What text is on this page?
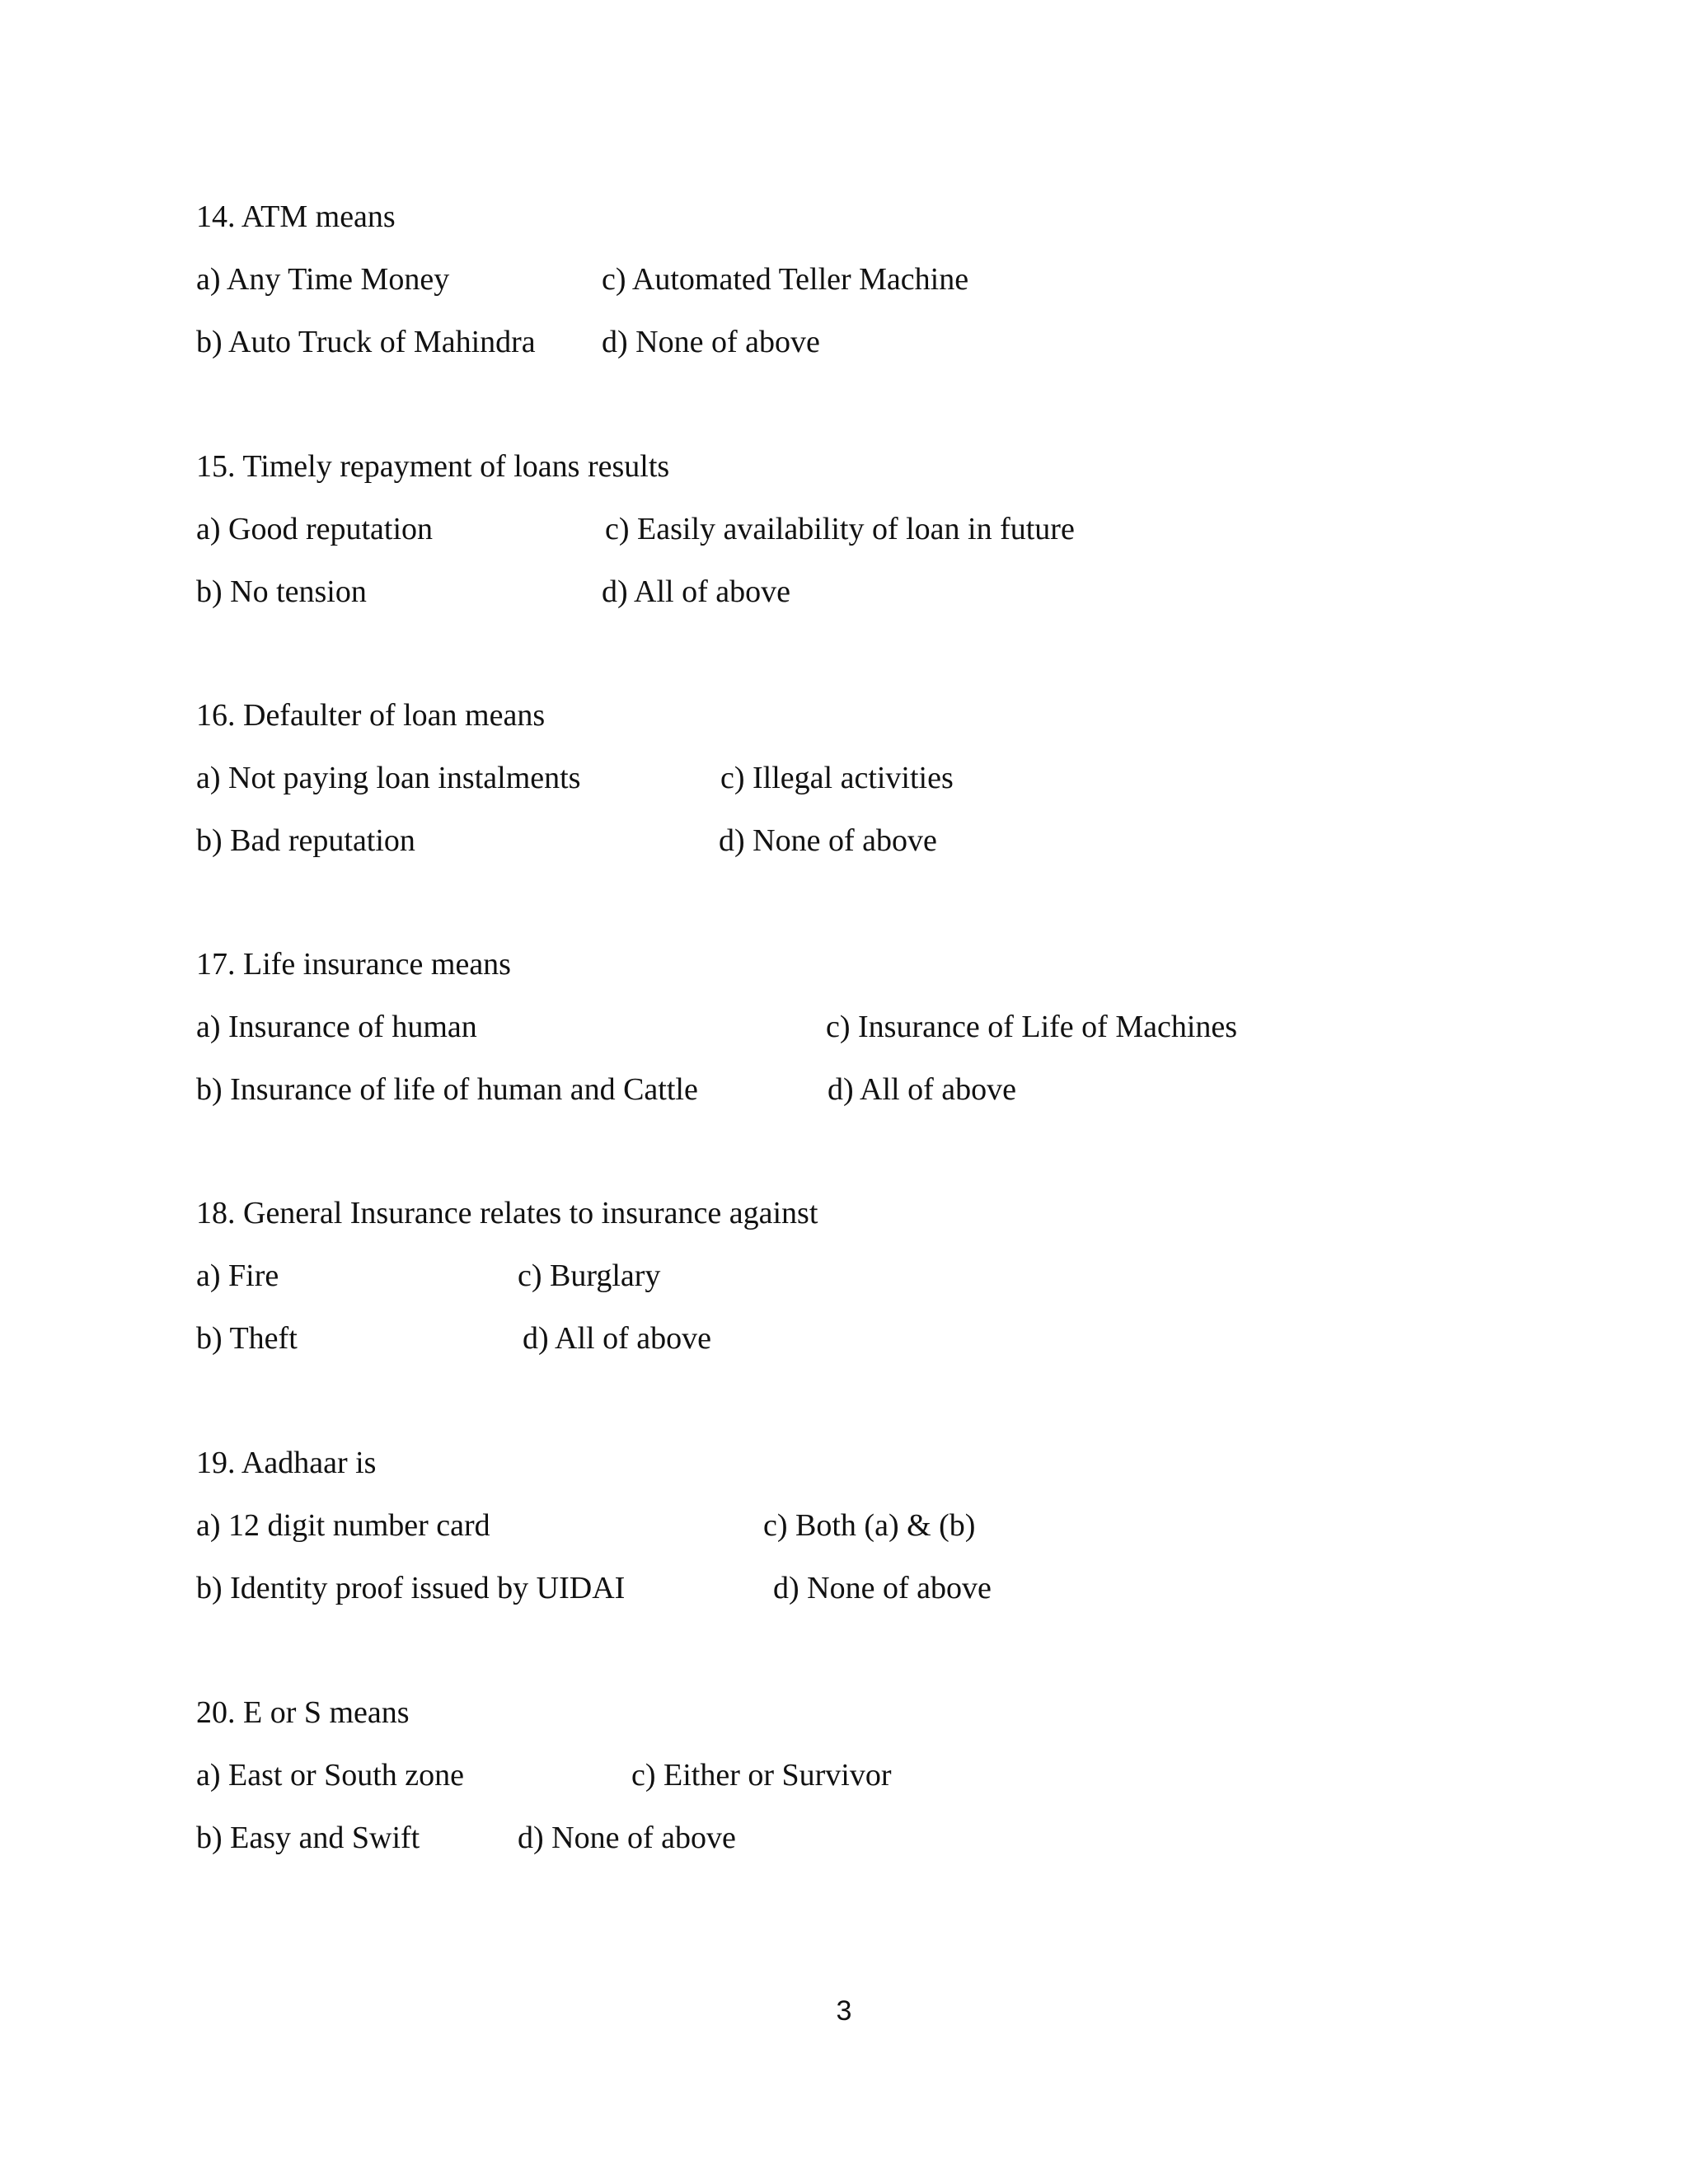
14. ATM means
a) Any Time Money	c) Automated Teller Machine
b) Auto Truck of Mahindra d) None of above
15. Timely repayment of loans results
a) Good reputation	c) Easily availability of loan in future
b) No tension	d) All of above
16. Defaulter of loan means
a) Not paying loan instalments	c) Illegal activities
b) Bad reputation	d) None of above
17. Life insurance means
a) Insurance of human	c) Insurance of Life of Machines
b) Insurance of life of human and Cattle	d) All of above
18. General Insurance relates to insurance against
a) Fire	c) Burglary
b) Theft	d) All of above
19. Aadhaar is
a) 12 digit number card	c) Both (a) & (b)
b) Identity proof issued by UIDAI	d) None of above
20. E or S means
a) East or South zone	c) Either or Survivor
b) Easy and Swift	d) None of above
3
